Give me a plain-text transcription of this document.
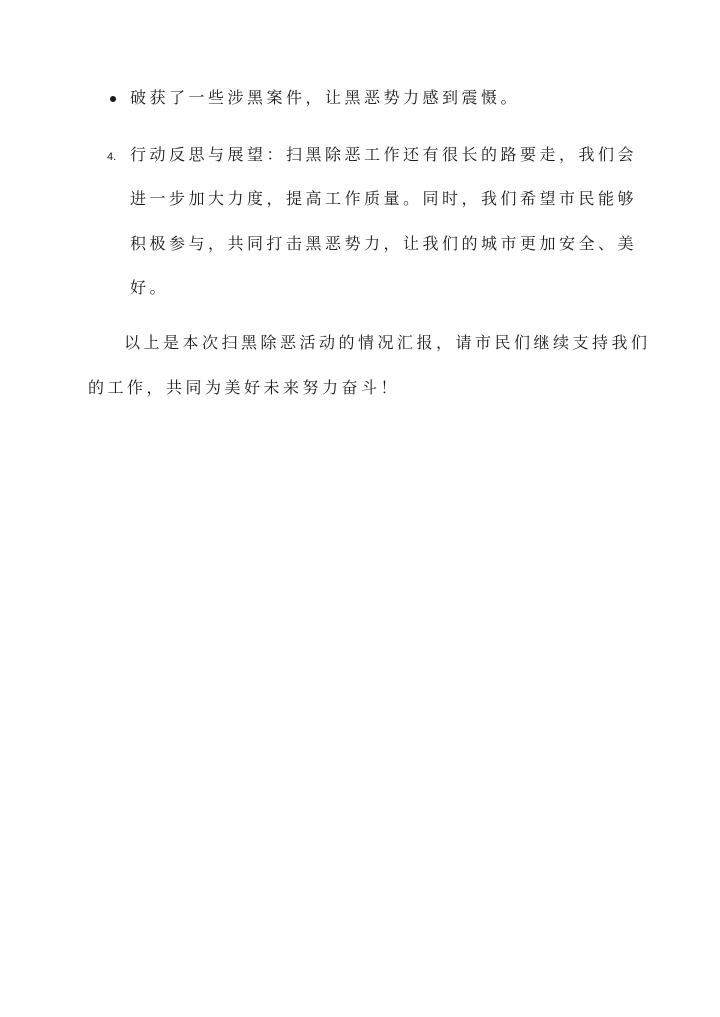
破获了一些涉黑案件，让黑恶势力感到震慑。
4. 行动反思与展望：扫黑除恶工作还有很长的路要走，我们会
进一步加大力度，提高工作质量。同时，我们希望市民能够
积极参与，共同打击黑恶势力，让我们的城市更加安全、美
好。
以上是本次扫黑除恶活动的情况汇报，请市民们继续支持我们
的工作，共同为美好未来努力奋斗！
